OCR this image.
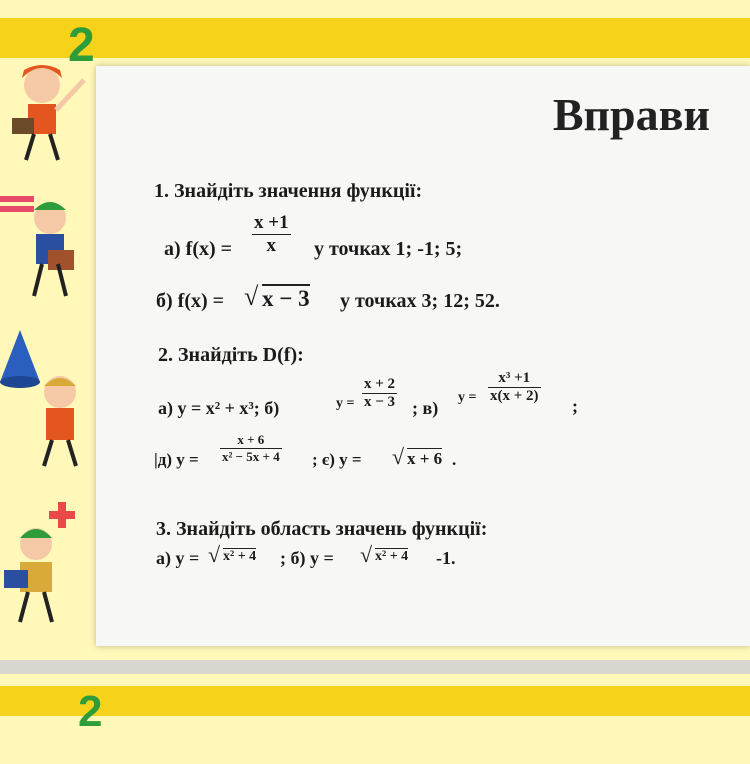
2
Вправи
1. Знайдіть значення функції:
а) $f(x) = \frac{x +1}{x}$ у точках 1; -1; 5;
б) f(x) = √ x − 3 у точках 3; 12; 52.
2. Знайдіть D(f):
а) y = x² + x³; б)	$y = \frac{x + 2}{x - 3}$ ; в)
$y = \frac{\text{x³ +1}}{x(x + 2)}$
;
|д) $y = \frac{x + 6}{\text{x² − 5x + 4}}$ ; є) y = √ x + 6 .
3. Знайдіть область значень функції:
а) y = √ x² + 4 ; б) y = √ x² + 4 -1.
2
